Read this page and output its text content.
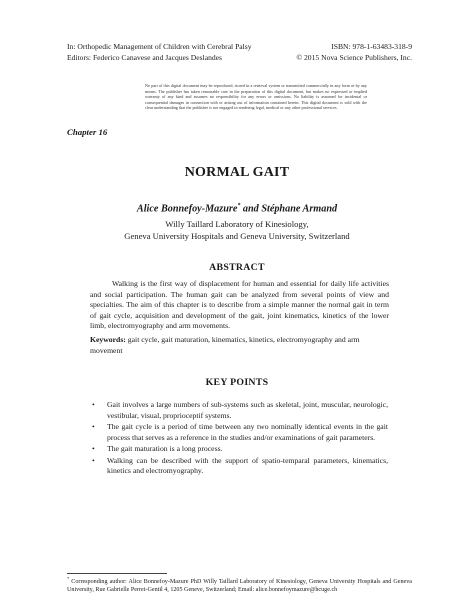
In: Orthopedic Management of Children with Cerebral Palsy	ISBN: 978-1-63483-318-9
Editors: Federico Canavese and Jacques Deslandes	© 2015 Nova Science Publishers, Inc.
No part of this digital document may be reproduced, stored in a retrieval system or transmitted commercially in any form or by any means. The publisher has taken reasonable care in the preparation of this digital document, but makes no expressed or implied warranty of any kind and assumes no responsibility for any errors or omissions. No liability is assumed for incidental or consequential damages in connection with or arising out of information contained herein. This digital document is sold with the clear understanding that the publisher is not engaged in rendering legal, medical or any other professional services.
Chapter 16
NORMAL GAIT
Alice Bonnefoy-Mazure* and Stéphane Armand
Willy Taillard Laboratory of Kinesiology,
Geneva University Hospitals and Geneva University, Switzerland
ABSTRACT
Walking is the first way of displacement for human and essential for daily life activities and social participation. The human gait can be analyzed from several points of view and specialties. The aim of this chapter is to describe from a simple manner the normal gait in term of gait cycle, acquisition and development of the gait, joint kinematics, kinetics of the lower limb, electromyography and arm movements.
Keywords: gait cycle, gait maturation, kinematics, kinetics, electromyography and arm movement
KEY POINTS
• Gait involves a large numbers of sub-systems such as skeletal, joint, muscular, neurologic, vestibular, visual, proprioceptif systems.
• The gait cycle is a period of time between any two nominally identical events in the gait process that serves as a reference in the studies and/or examinations of gait parameters.
• The gait maturation is a long process.
• Walking can be described with the support of spatio-temparal parameters, kinematics, kinetics and electromyography.
* Corresponding author: Alice Bonnefoy-Mazure PhD Willy Taillard Laboratory of Kinesiology, Geneva University Hospitals and Geneva University, Rue Gabrielle Perret-Gentil 4, 1205 Geneve, Switzerland; Email: alice.bonnefoymazure@hcuge.ch
